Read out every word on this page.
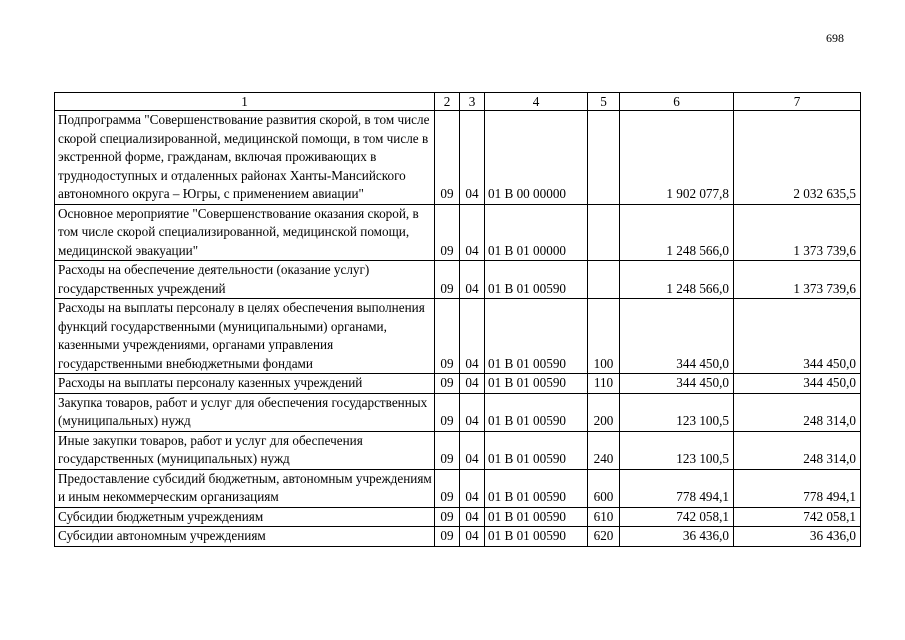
698
1	2	3	4	5	6	7
Подпрограмма "Совершенствование развития скорой, в том числе скорой специализированной, медицинской помощи, в том числе в экстренной форме, гражданам, включая проживающих в труднодоступных и отдаленных районах Ханты-Мансийского автономного округа – Югры, с применением авиации"	09	04	01 В 00 00000		1 902 077,8	2 032 635,5
Основное мероприятие "Совершенствование оказания скорой, в том числе скорой специализированной, медицинской помощи, медицинской эвакуации"	09	04	01 В 01 00000		1 248 566,0	1 373 739,6
Расходы на обеспечение деятельности (оказание услуг) государственных учреждений	09	04	01 В 01 00590		1 248 566,0	1 373 739,6
Расходы на выплаты персоналу в целях обеспечения выполнения функций государственными (муниципальными) органами, казенными учреждениями, органами управления государственными внебюджетными фондами	09	04	01 В 01 00590	100	344 450,0	344 450,0
Расходы на выплаты персоналу казенных учреждений	09	04	01 В 01 00590	110	344 450,0	344 450,0
Закупка товаров, работ и услуг для обеспечения государственных (муниципальных) нужд	09	04	01 В 01 00590	200	123 100,5	248 314,0
Иные закупки товаров, работ и услуг для обеспечения государственных (муниципальных) нужд	09	04	01 В 01 00590	240	123 100,5	248 314,0
Предоставление субсидий бюджетным, автономным учреждениям и иным некоммерческим организациям	09	04	01 В 01 00590	600	778 494,1	778 494,1
Субсидии бюджетным учреждениям	09	04	01 В 01 00590	610	742 058,1	742 058,1
Субсидии автономным учреждениям	09	04	01 В 01 00590	620	36 436,0	36 436,0
